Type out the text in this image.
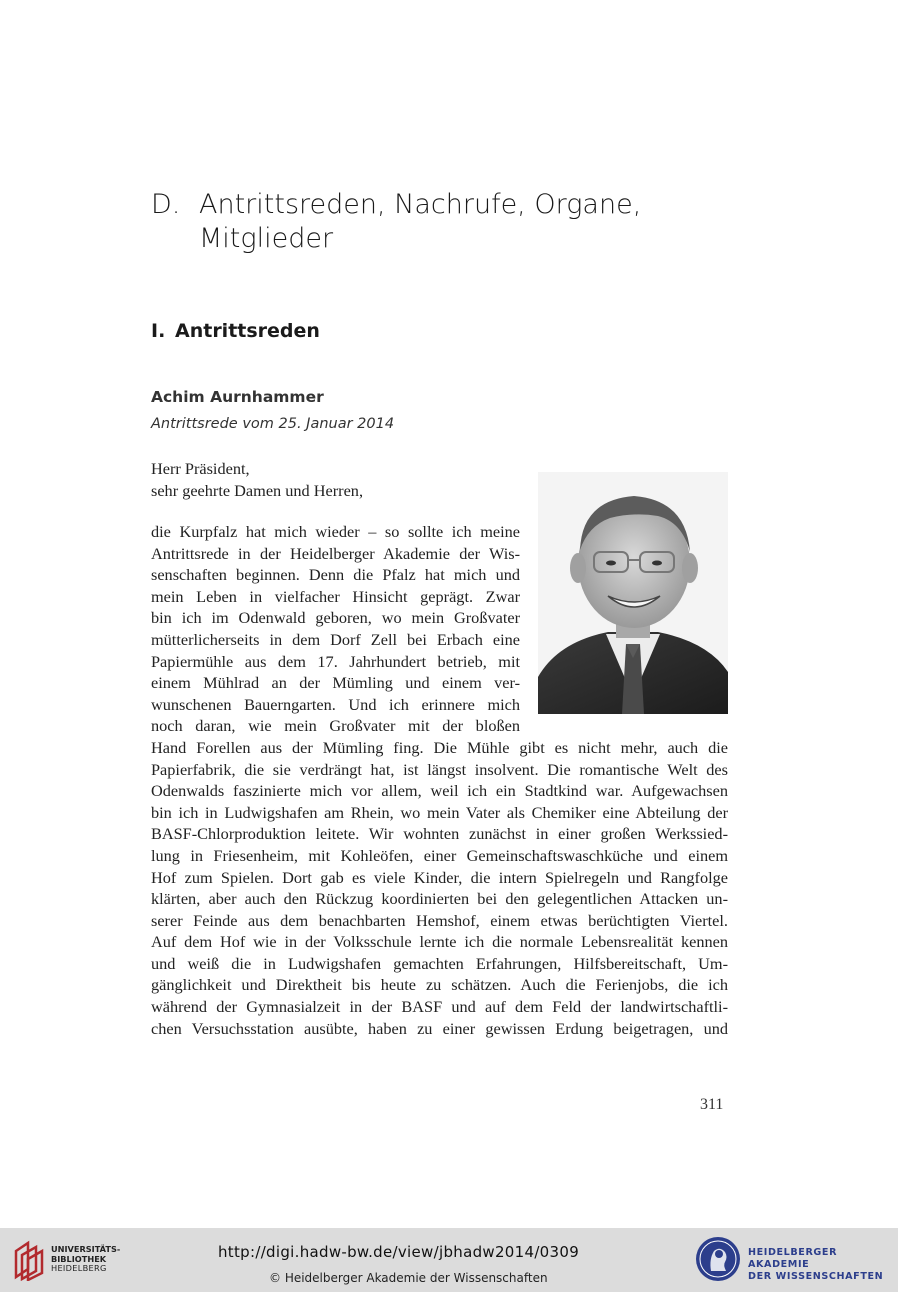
D. Antrittsreden, Nachrufe, Organe, Mitglieder
I. Antrittsreden
Achim Aurnhammer
Antrittsrede vom 25. Januar 2014
Herr Präsident,
sehr geehrte Damen und Herren,
die Kurpfalz hat mich wieder – so sollte ich meine
Antrittsrede in der Heidelberger Akademie der Wis-
senschaften beginnen. Denn die Pfalz hat mich und
mein Leben in vielfacher Hinsicht geprägt. Zwar
bin ich im Odenwald geboren, wo mein Großvater
mütterlicherseits in dem Dorf Zell bei Erbach eine
Papiermühle aus dem 17. Jahrhundert betrieb, mit
einem Mühlrad an der Mümling und einem ver-
wunschenen Bauerngarten. Und ich erinnere mich
noch daran, wie mein Großvater mit der bloßen
Hand Forellen aus der Mümling fing. Die Mühle gibt es nicht mehr, auch die
Papierfabrik, die sie verdrängt hat, ist längst insolvent. Die romantische Welt des
Odenwalds faszinierte mich vor allem, weil ich ein Stadtkind war. Aufgewachsen
bin ich in Ludwigshafen am Rhein, wo mein Vater als Chemiker eine Abteilung der
BASF-Chlorproduktion leitete. Wir wohnten zunächst in einer großen Werkssied-
lung in Friesenheim, mit Kohleöfen, einer Gemeinschaftswaschküche und einem
Hof zum Spielen. Dort gab es viele Kinder, die intern Spielregeln und Rangfolge
klärten, aber auch den Rückzug koordinierten bei den gelegentlichen Attacken un-
serer Feinde aus dem benachbarten Hemshof, einem etwas berüchtigten Viertel.
Auf dem Hof wie in der Volksschule lernte ich die normale Lebensrealität kennen
und weiß die in Ludwigshafen gemachten Erfahrungen, Hilfsbereitschaft, Um-
gänglichkeit und Direktheit bis heute zu schätzen. Auch die Ferienjobs, die ich
während der Gymnasialzeit in der BASF und auf dem Feld der landwirtschaftli-
chen Versuchsstation ausübte, haben zu einer gewissen Erdung beigetragen, und
311
UNIVERSITÄTS-
BIBLIOTHEK
HEIDELBERG
http://digi.hadw-bw.de/view/jbhadw2014/0309
© Heidelberger Akademie der Wissenschaften
HEIDELBERGER AKADEMIE
DER WISSENSCHAFTEN
